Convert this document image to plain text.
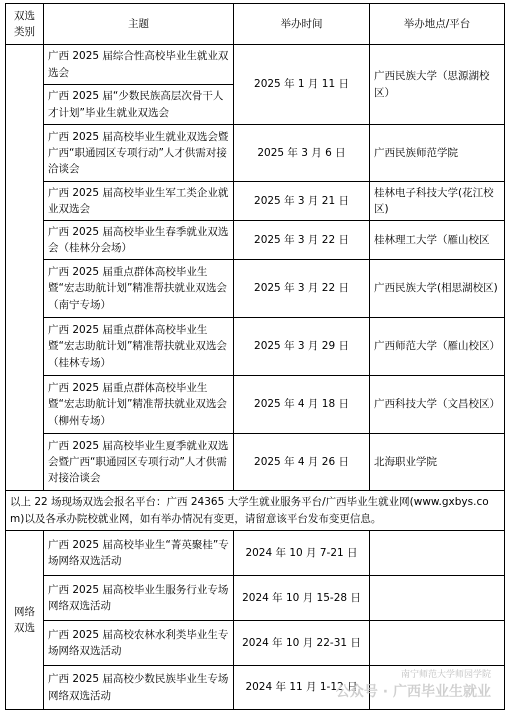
双选类别	主题	举办时间	举办地点/平台
	广西 2025 届综合性高校毕业生就业双选会	2025 年 1 月 11 日	广西民族大学（思源湖校区）
	广西 2025 届“少数民族高层次骨干人才计划”毕业生就业双选会		
	广西 2025 届高校毕业生就业双选会暨广西“职通园区专项行动”人才供需对接洽谈会	2025 年 3 月 6 日	广西民族师范学院
	广西 2025 届高校毕业生军工类企业就业双选会	2025 年 3 月 21 日	桂林电子科技大学(花江校区)
	广西 2025 届高校毕业生春季就业双选会（桂林分会场）	2025 年 3 月 22 日	桂林理工大学（雁山校区
	广西 2025 届重点群体高校毕业生暨“宏志助航计划”精准帮扶就业双选会（南宁专场）	2025 年 3 月 22 日	广西民族大学(相思湖校区)
	广西 2025 届重点群体高校毕业生暨“宏志助航计划”精准帮扶就业双选会（桂林专场）	2025 年 3 月 29 日	广西师范大学（雁山校区）
	广西 2025 届重点群体高校毕业生暨“宏志助航计划”精准帮扶就业双选会（柳州专场）	2025 年 4 月 18 日	广西科技大学（文昌校区）
	广西 2025 届高校毕业生夏季就业双选会暨广西“职通园区专项行动”人才供需对接洽谈会	2025 年 4 月 26 日	北海职业学院
以上 22 场现场双选会报名平台：广西 24365 大学生就业服务平台/广西毕业生就业网(www.gxbys.com)以及各承办院校就业网，如有举办情况有变更，请留意该平台发布变更信息。			
网络双选	广西 2025 届高校毕业生“菁英聚桂”专场网络双选活动	2024 年 10 月 7-21 日	
	广西 2025 届高校毕业生服务行业专场网络双选活动	2024 年 10 月 15-28 日	
	广西 2025 届高校农林水利类毕业生专场网络双选活动	2024 年 10 月 22-31 日	
	广西 2025 届高校少数民族毕业生专场网络双选活动	2024 年 11 月 1-12 日	
南宁师范大学师园学院
公众号 · 广西毕业生就业
